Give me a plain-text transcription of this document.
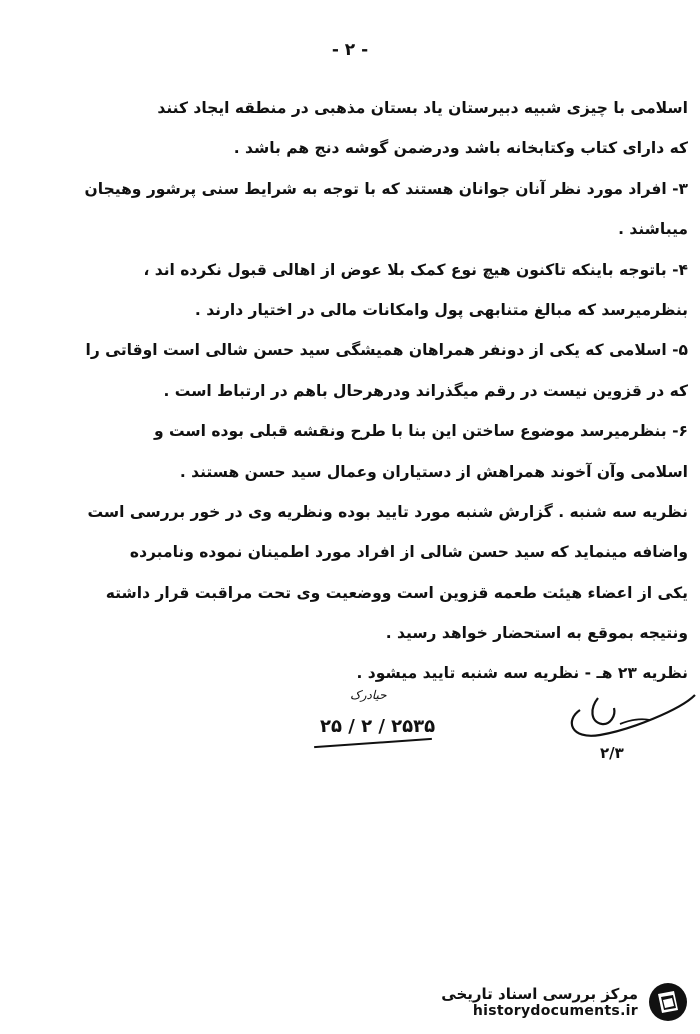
- ۲ -
اسلامی با چیزی شبیه دبیرستان یاد بستان مذهبی در منطقه ایجاد کنند
که دارای کتاب وکتابخانه باشد ودرضمن گوشه دنج هم باشد .
۳- افراد مورد نظر آنان جوانان هستند که با توجه به شرایط سنی پرشور وهیجان
میباشند .
۴- باتوجه باینکه تاکنون هیچ نوع کمک بلا عوض از اهالی قبول نکرده اند ،
بنظرمیرسد که مبالغ متنابهی پول وامکانات مالی در اختیار دارند .
۵- اسلامی که یکی از دونفر همراهان همیشگی سید حسن شالی است اوقاتی را
که در قزوین نیست در رقم میگذراند ودرهرحال باهم در ارتباط است .
۶- بنظرمیرسد موضوع ساختن این بنا با طرح ونقشه قبلی بوده است و
اسلامی وآن آخوند همراهش از دستیاران وعمال سید حسن هستند .
نظریه سه شنبه . گزارش شنبه مورد تایید بوده ونظریه وی در خور بررسی است
واضافه مینماید که سید حسن شالی از افراد مورد اطمینان نموده ونامبرده
یکی از اعضاء هیئت طعمه قزوین است ووضعیت وی تحت مراقبت قرار داشته
ونتیجه بموقع به استحضار خواهد رسید .
نظریه ۲۳ هـ - نظریه سه شنبه تایید میشود .
حیادرک
۲۵ / ۲ / ۲۵۳۵
۲/۳
مرکز بررسی اسناد تاریخی
historydocuments.ir
